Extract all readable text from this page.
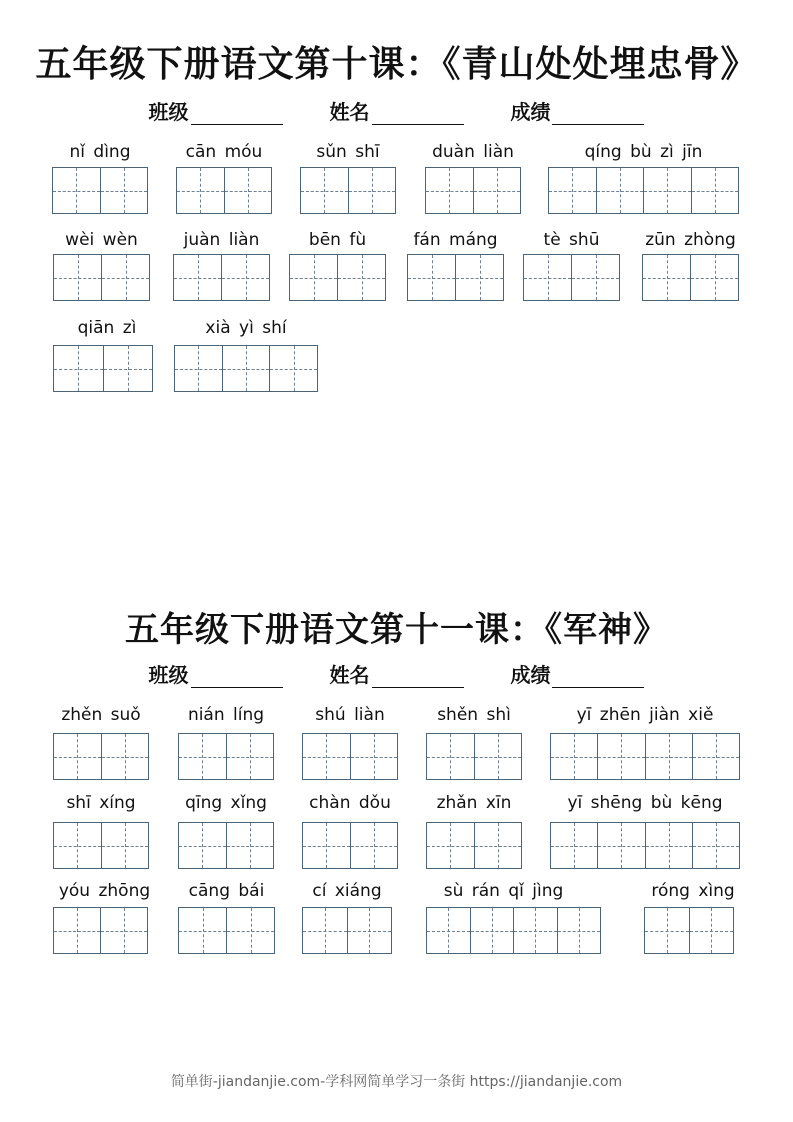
五年级下册语文第十课：《青山处处埋忠骨》
班级	姓名	成绩
nǐ dìng	cān móu	sǔn shī	duàn liàn	qíng bù zì jīn
wèi wèn	juàn liàn	bēn fù	fán máng	tè shū	zūn zhòng
qiān zì	xià yì shí
五年级下册语文第十一课：《军神》
班级	姓名	成绩
zhěn suǒ	nián líng	shú liàn	shěn shì	yī zhēn jiàn xiě
shī xíng	qīng xǐng	chàn dǒu	zhǎn xīn	yī shēng bù kēng
yóu zhōng	cāng bái	cí xiáng	sù rán qǐ jìng	róng xìng
简单街-jiandanjie.com-学科网简单学习一条街 https://jiandanjie.com
